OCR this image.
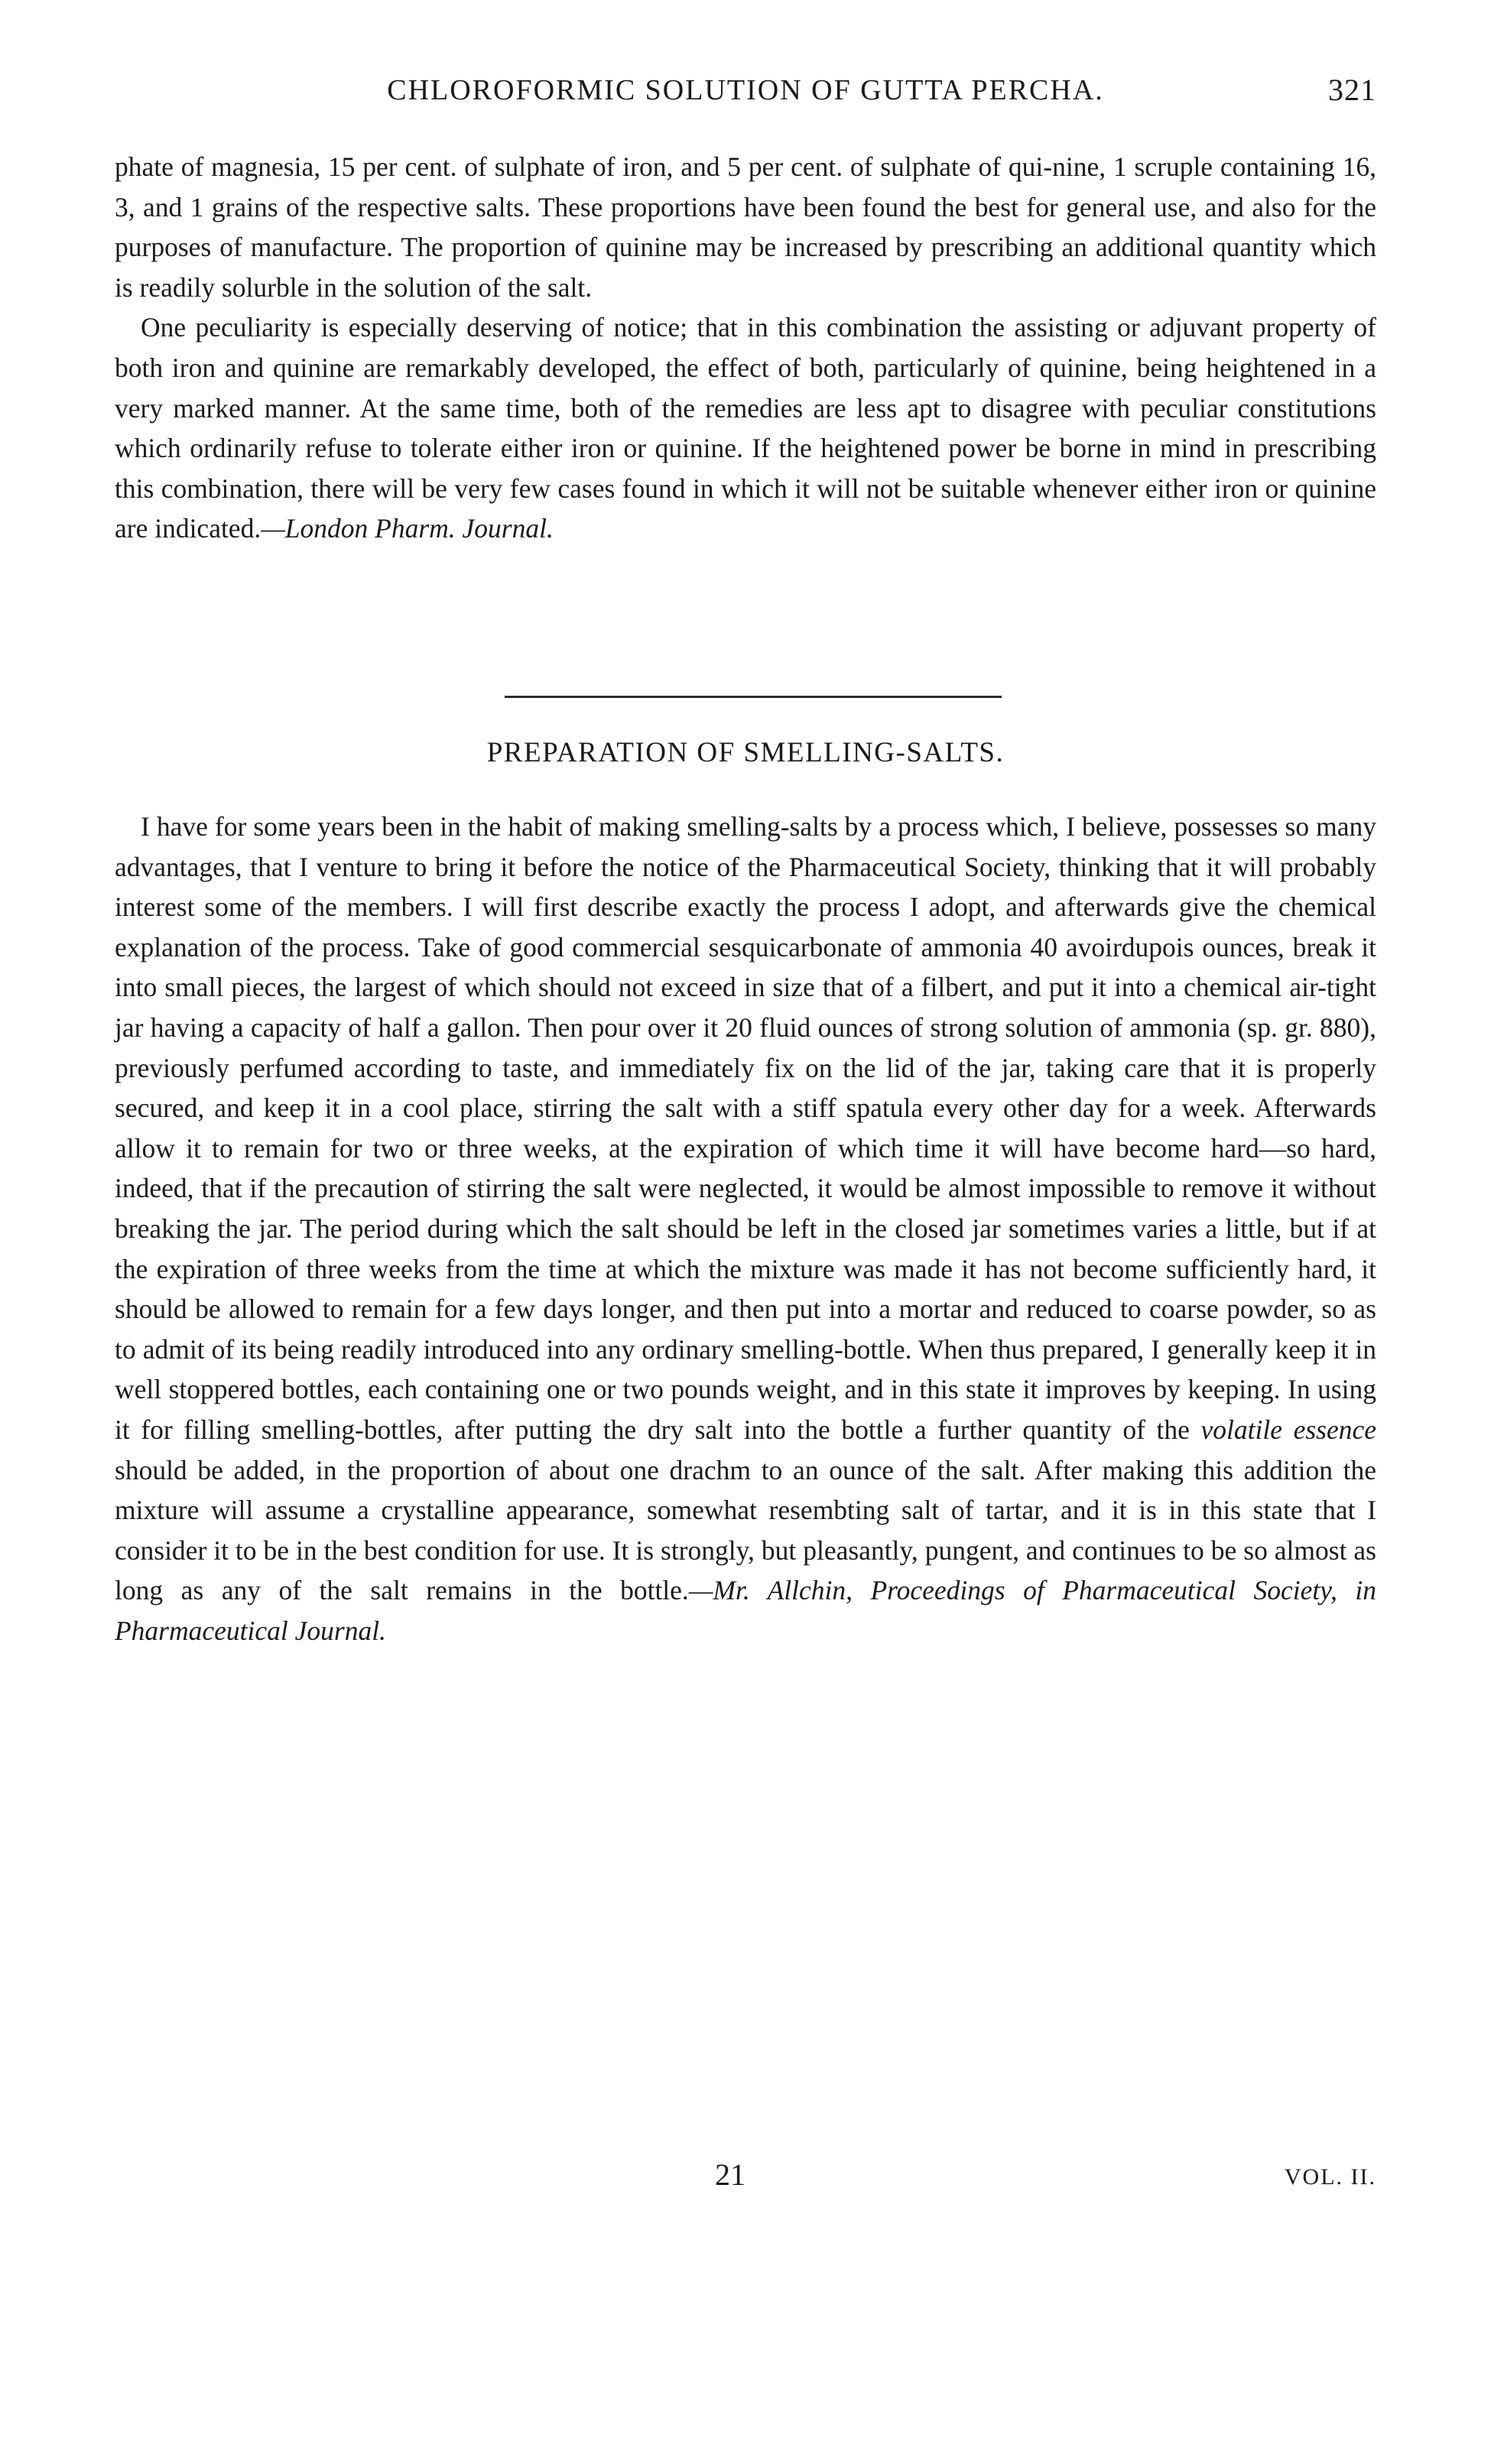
CHLOROFORMIC SOLUTION OF GUTTA PERCHA.	321

phate of magnesia, 15 per cent. of sulphate of iron, and 5 per cent. of sulphate of qui-nine, 1 scruple containing 16, 3, and 1 grains of the respective salts. These proportions have been found the best for general use, and also for the purposes of manufacture. The proportion of quinine may be increased by prescribing an additional quantity which is readily solurble in the solution of the salt.

One peculiarity is especially deserving of notice; that in this combination the assisting or adjuvant property of both iron and quinine are remarkably developed, the effect of both, particularly of quinine, being heightened in a very marked manner. At the same time, both of the remedies are less apt to disagree with peculiar constitutions which ordinarily refuse to tolerate either iron or quinine. If the heightened power be borne in mind in prescribing this combination, there will be very few cases found in which it will not be suitable whenever either iron or quinine are indicated.—London Pharm. Journal.

PREPARATION OF SMELLING-SALTS.

I have for some years been in the habit of making smelling-salts by a process which, I believe, possesses so many advantages, that I venture to bring it before the notice of the Pharmaceutical Society, thinking that it will probably interest some of the members. I will first describe exactly the process I adopt, and afterwards give the chemical explanation of the process. Take of good commercial sesquicarbonate of ammonia 40 avoirdupois ounces, break it into small pieces, the largest of which should not exceed in size that of a filbert, and put it into a chemical air-tight jar having a capacity of half a gallon. Then pour over it 20 fluid ounces of strong solution of ammonia (sp. gr. 880), previously perfumed according to taste, and immediately fix on the lid of the jar, taking care that it is properly secured, and keep it in a cool place, stirring the salt with a stiff spatula every other day for a week. Afterwards allow it to remain for two or three weeks, at the expiration of which time it will have become hard—so hard, indeed, that if the precaution of stirring the salt were neglected, it would be almost impossible to remove it without breaking the jar. The period during which the salt should be left in the closed jar sometimes varies a little, but if at the expiration of three weeks from the time at which the mixture was made it has not become sufficiently hard, it should be allowed to remain for a few days longer, and then put into a mortar and reduced to coarse powder, so as to admit of its being readily introduced into any ordinary smelling-bottle. When thus prepared, I generally keep it in well stoppered bottles, each containing one or two pounds weight, and in this state it improves by keeping. In using it for filling smelling-bottles, after putting the dry salt into the bottle a further quantity of the volatile essence should be added, in the proportion of about one drachm to an ounce of the salt. After making this addition the mixture will assume a crystalline appearance, somewhat resembting salt of tartar, and it is in this state that I consider it to be in the best condition for use. It is strongly, but pleasantly, pungent, and continues to be so almost as long as any of the salt remains in the bottle.—Mr. Allchin, Proceedings of Pharmaceutical Society, in Pharmaceutical Journal.

21	VOL. II.
